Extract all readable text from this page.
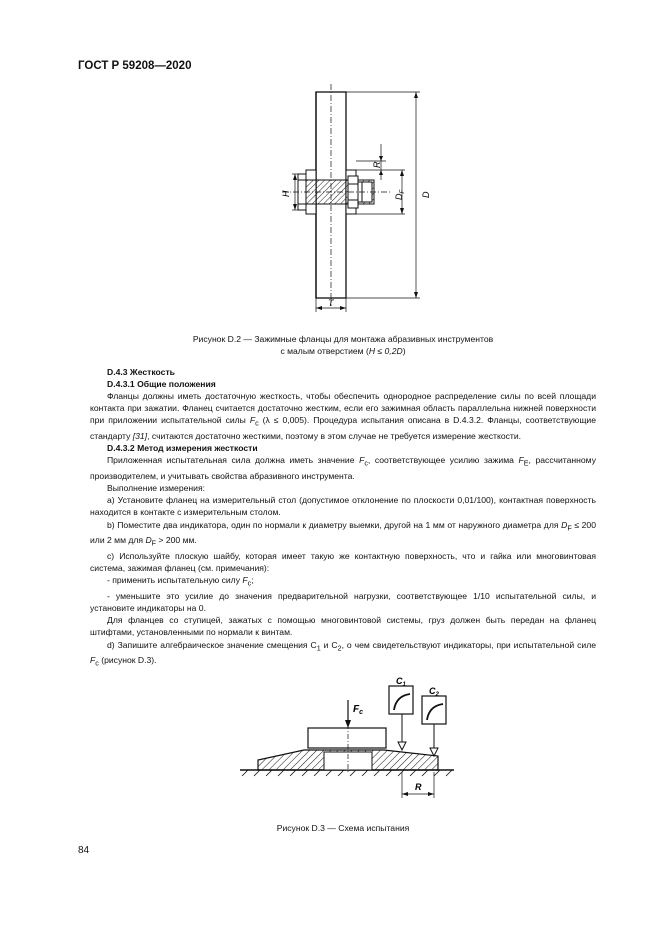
ГОСТ Р 59208—2020
H
R
$D_F$ D
T
Рисунок D.2 — Зажимные фланцы для монтажа абразивных инструментов
с малым отверстием (H ≤ 0,2D)

D.4.3 Жесткость

D.4.3.1 Общие положения

Фланцы должны иметь достаточную жесткость, чтобы обеспечить однородное распределение силы по всей площади контакта при зажатии. Фланец считается достаточно жестким, если его зажимная область параллельна нижней поверхности при приложении испытательной силы $F_c$ (λ ≤ 0,005). Процедура испытания описана в D.4.3.2. Фланцы, соответствующие стандарту [31], считаются достаточно жесткими, поэтому в этом случае не требуется измерение жесткости.

D.4.3.2 Метод измерения жесткости

Приложенная испытательная сила должна иметь значение $F_c$, соответствующее усилию зажима $F_E$, рассчитанному производителем, и учитывать свойства абразивного инструмента.

Выполнение измерения:

a) Установите фланец на измерительный стол (допустимое отклонение по плоскости 0,01/100), контактная поверхность находится в контакте с измерительным столом.

b) Поместите два индикатора, один по нормали к диаметру выемки, другой на 1 мм от наружного диаметра для $D_F \le 200$ или 2 мм для $D_F > 200$ мм.

c) Используйте плоскую шайбу, которая имеет такую же контактную поверхность, что и гайка или многовинтовая система, зажимая фланец (см. примечания):

- применить испытательную силу $F_c$;

- уменьшите это усилие до значения предварительной нагрузки, соответствующее 1/10 испытательной силы, и установите индикаторы на 0.

Для фланцев со ступицей, зажатых с помощью многовинтовой системы, груз должен быть передан на фланец штифтами, установленными по нормали к винтам.

d) Запишите алгебраическое значение смещения $C_1$ и $C_2$, о чем свидетельствуют индикаторы, при испытательной силе $F_c$ (рисунок D.3).

$F_c$
$C_1$
$C_2$
R
Рисунок D.3 — Схема испытания
84
